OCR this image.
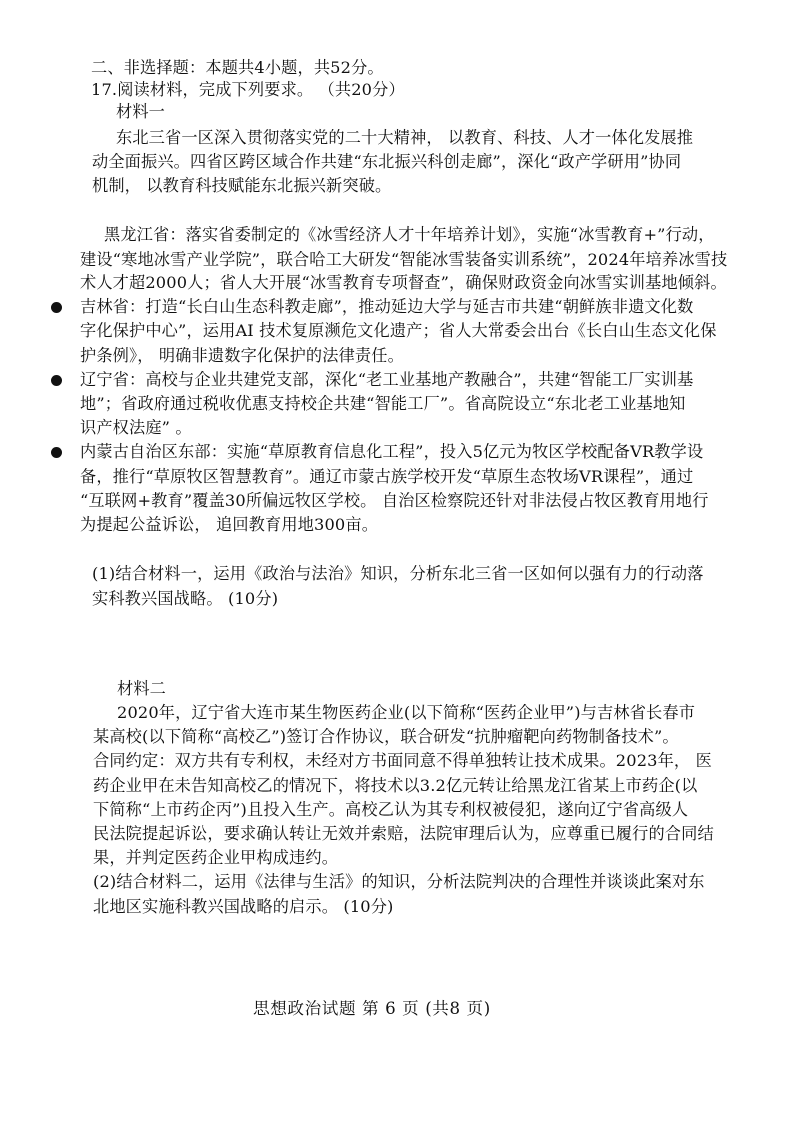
二、非选择题：本题共4小题，共52分。
17.阅读材料，完成下列要求。 （共20分）
材料一
东北三省一区深入贯彻落实党的二十大精神， 以教育、科技、人才一体化发展推
动全面振兴。四省区跨区域合作共建“东北振兴科创走廊”，深化“政产学研用”协同
机制， 以教育科技赋能东北振兴新突破。
黑龙江省：落实省委制定的《冰雪经济人才十年培养计划》，实施“冰雪教育+”行动，
建设“寒地冰雪产业学院”，联合哈工大研发“智能冰雪装备实训系统”，2024年培养冰雪技
术人才超2000人；省人大开展“冰雪教育专项督查”，确保财政资金向冰雪实训基地倾斜。
吉林省：打造“长白山生态科教走廊”，推动延边大学与延吉市共建“朝鲜族非遗文化数
字化保护中心”，运用AI 技术复原濒危文化遗产；省人大常委会出台《长白山生态文化保
护条例》， 明确非遗数字化保护的法律责任。
辽宁省：高校与企业共建党支部，深化“老工业基地产教融合”，共建“智能工厂实训基
地”；省政府通过税收优惠支持校企共建“智能工厂”。省高院设立“东北老工业基地知
识产权法庭” 。
内蒙古自治区东部：实施“草原教育信息化工程”，投入5亿元为牧区学校配备VR教学设
备，推行“草原牧区智慧教育”。通辽市蒙古族学校开发“草原生态牧场VR课程”，通过
“互联网+教育”覆盖30所偏远牧区学校。 自治区检察院还针对非法侵占牧区教育用地行
为提起公益诉讼， 追回教育用地300亩。
(1)结合材料一，运用《政治与法治》知识，分析东北三省一区如何以强有力的行动落
实科教兴国战略。 (10分)
材料二
2020年，辽宁省大连市某生物医药企业(以下简称“医药企业甲”)与吉林省长春市
某高校(以下简称“高校乙”)签订合作协议，联合研发“抗肿瘤靶向药物制备技术”。
合同约定：双方共有专利权，未经对方书面同意不得单独转让技术成果。2023年， 医
药企业甲在未告知高校乙的情况下，将技术以3.2亿元转让给黑龙江省某上市药企(以
下简称“上市药企丙”)且投入生产。高校乙认为其专利权被侵犯，遂向辽宁省高级人
民法院提起诉讼，要求确认转让无效并索赔，法院审理后认为，应尊重已履行的合同结
果，并判定医药企业甲构成违约。
(2)结合材料二，运用《法律与生活》的知识，分析法院判决的合理性并谈谈此案对东
北地区实施科教兴国战略的启示。 (10分)
思想政治试题 第 6 页 (共8 页)
